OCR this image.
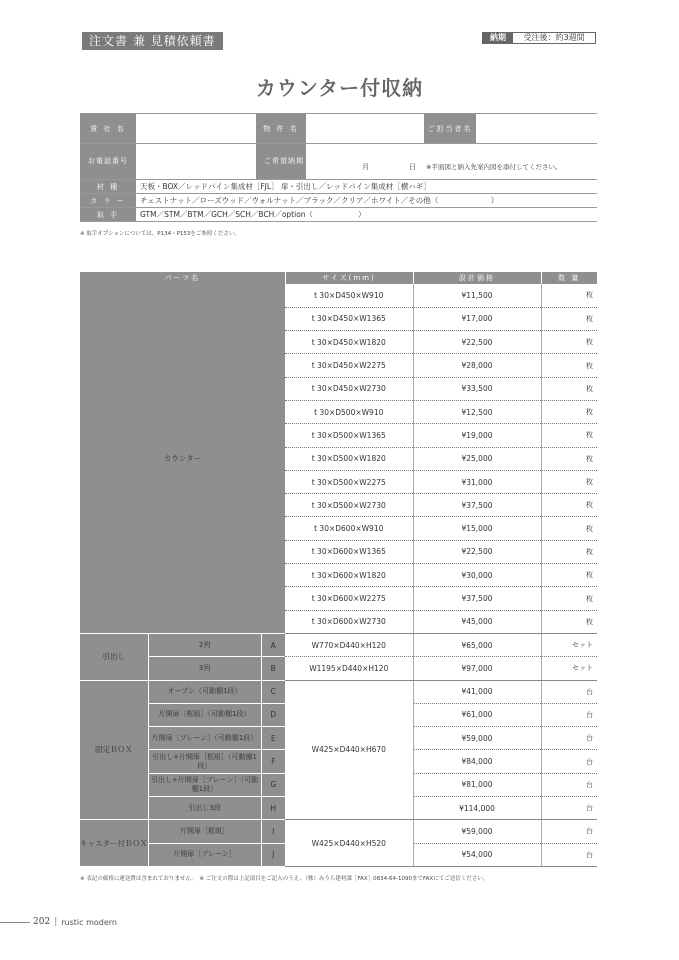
注文書 兼 見積依頼書	納期	受注後：約3週間
カウンター付収納
貴 社 名	物 件 名	ご担当者名
お電話番号	ご希望納期
月	日 ※平面図と納入先案内図を添付してください。
材 種	天板・BOX／レッドパイン集成材［FJL］ 扉・引出し／レッドパイン集成材［横ハギ］
カ ラ ー	チェストナット／ローズウッド／ウォルナット／ブラック／クリア／ホワイト／その他（　　　　　　　）
取 手	GTM／STM／BTM／GCH／SCH／BCH／option（　　　　　　）
※ 取手オプションについては、P134・P153をご参照ください。
パーツ名			サイズ(mm)	設計価格	数 量
カウンター			t 30×D450×W910	¥11,500	枚
			t 30×D450×W1365	¥17,000	枚
			t 30×D450×W1820	¥22,500	枚
			t 30×D450×W2275	¥28,000	枚
			t 30×D450×W2730	¥33,500	枚
			t 30×D500×W910	¥12,500	枚
			t 30×D500×W1365	¥19,000	枚
			t 30×D500×W1820	¥25,000	枚
			t 30×D500×W2275	¥31,000	枚
			t 30×D500×W2730	¥37,500	枚
			t 30×D600×W910	¥15,000	枚
			t 30×D600×W1365	¥22,500	枚
			t 30×D600×W1820	¥30,000	枚
			t 30×D600×W2275	¥37,500	枚
			t 30×D600×W2730	¥45,000	枚
引出し	2列	A	W770×D440×H120	¥65,000	セット
	3列	B	W1195×D440×H120	¥97,000	セット
固定ＢＯＸ	オープン（可動棚1段）	C	W425×D440×H670	¥41,000	台
	片開扉［框組］（可動棚1段）	D		¥61,000	台
	片開扉［プレーン］（可動棚1段）	E		¥59,000	台
	引出し+片開扉［框組］（可動棚1段）	F		¥84,000	台
	引出し+片開扉［プレーン］（可動棚1段）	G		¥81,000	台
	引出し3段	H		¥114,000	台
キャスター付ＢＯＸ	片開扉［框組］	I	W425×D440×H520	¥59,000	台
	片開扉［プレーン］	J		¥54,000	台
※ 表記の価格に運送費は含まれておりません。　※ ご注文の際は上記項目をご記入のうえ、（株）みうら建材課［FAX］0834-64-1090までFAXにてご送信ください。
202 | rustic modern
